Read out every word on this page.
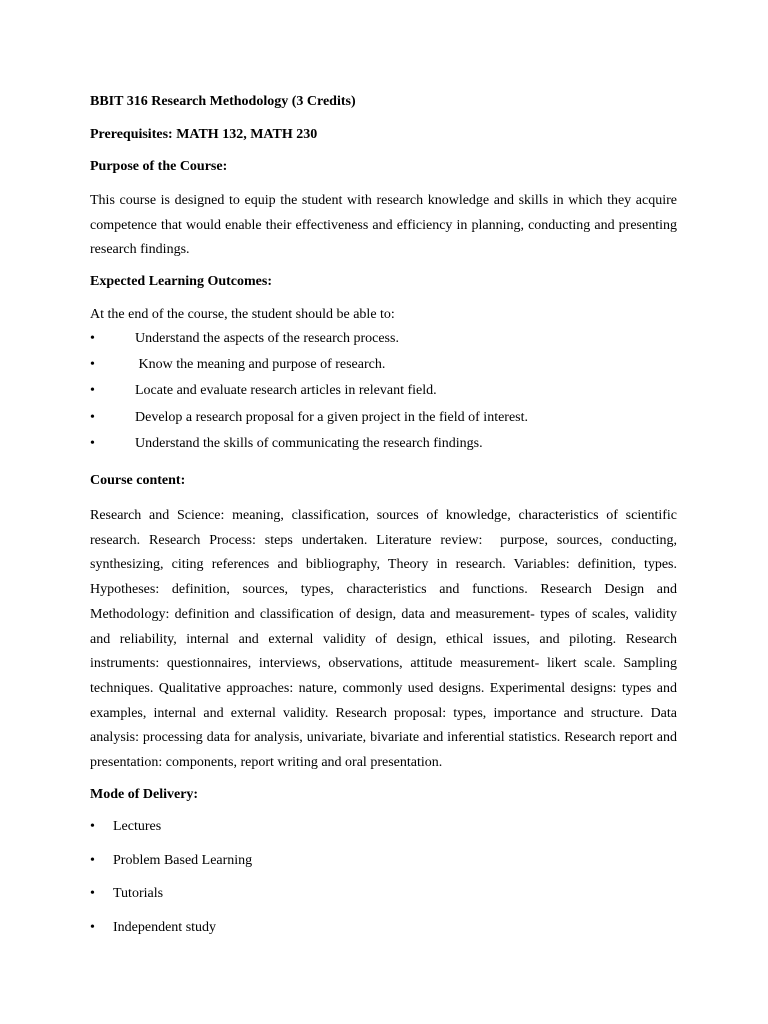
BBIT 316 Research Methodology (3 Credits)

Prerequisites: MATH 132, MATH 230

Purpose of the Course:

This course is designed to equip the student with research knowledge and skills in which they acquire competence that would enable their effectiveness and efficiency in planning, conducting and presenting research findings.

Expected Learning Outcomes:

At the end of the course, the student should be able to:

•	Understand the aspects of the research process.
•	Know the meaning and purpose of research.
•	Locate and evaluate research articles in relevant field.
•	Develop a research proposal for a given project in the field of interest.
•	Understand the skills of communicating the research findings.

Course content:

Research and Science: meaning, classification, sources of knowledge, characteristics of scientific research. Research Process: steps undertaken. Literature review:  purpose, sources, conducting, synthesizing, citing references and bibliography, Theory in research. Variables: definition, types. Hypotheses: definition, sources, types, characteristics and functions. Research Design and Methodology: definition and classification of design, data and measurement- types of scales, validity and reliability, internal and external validity of design, ethical issues, and piloting. Research instruments: questionnaires, interviews, observations, attitude measurement- likert scale. Sampling techniques. Qualitative approaches: nature, commonly used designs. Experimental designs: types and examples, internal and external validity. Research proposal: types, importance and structure. Data analysis: processing data for analysis, univariate, bivariate and inferential statistics. Research report and presentation: components, report writing and oral presentation.

Mode of Delivery:

• Lectures
• Problem Based Learning
• Tutorials
• Independent study
